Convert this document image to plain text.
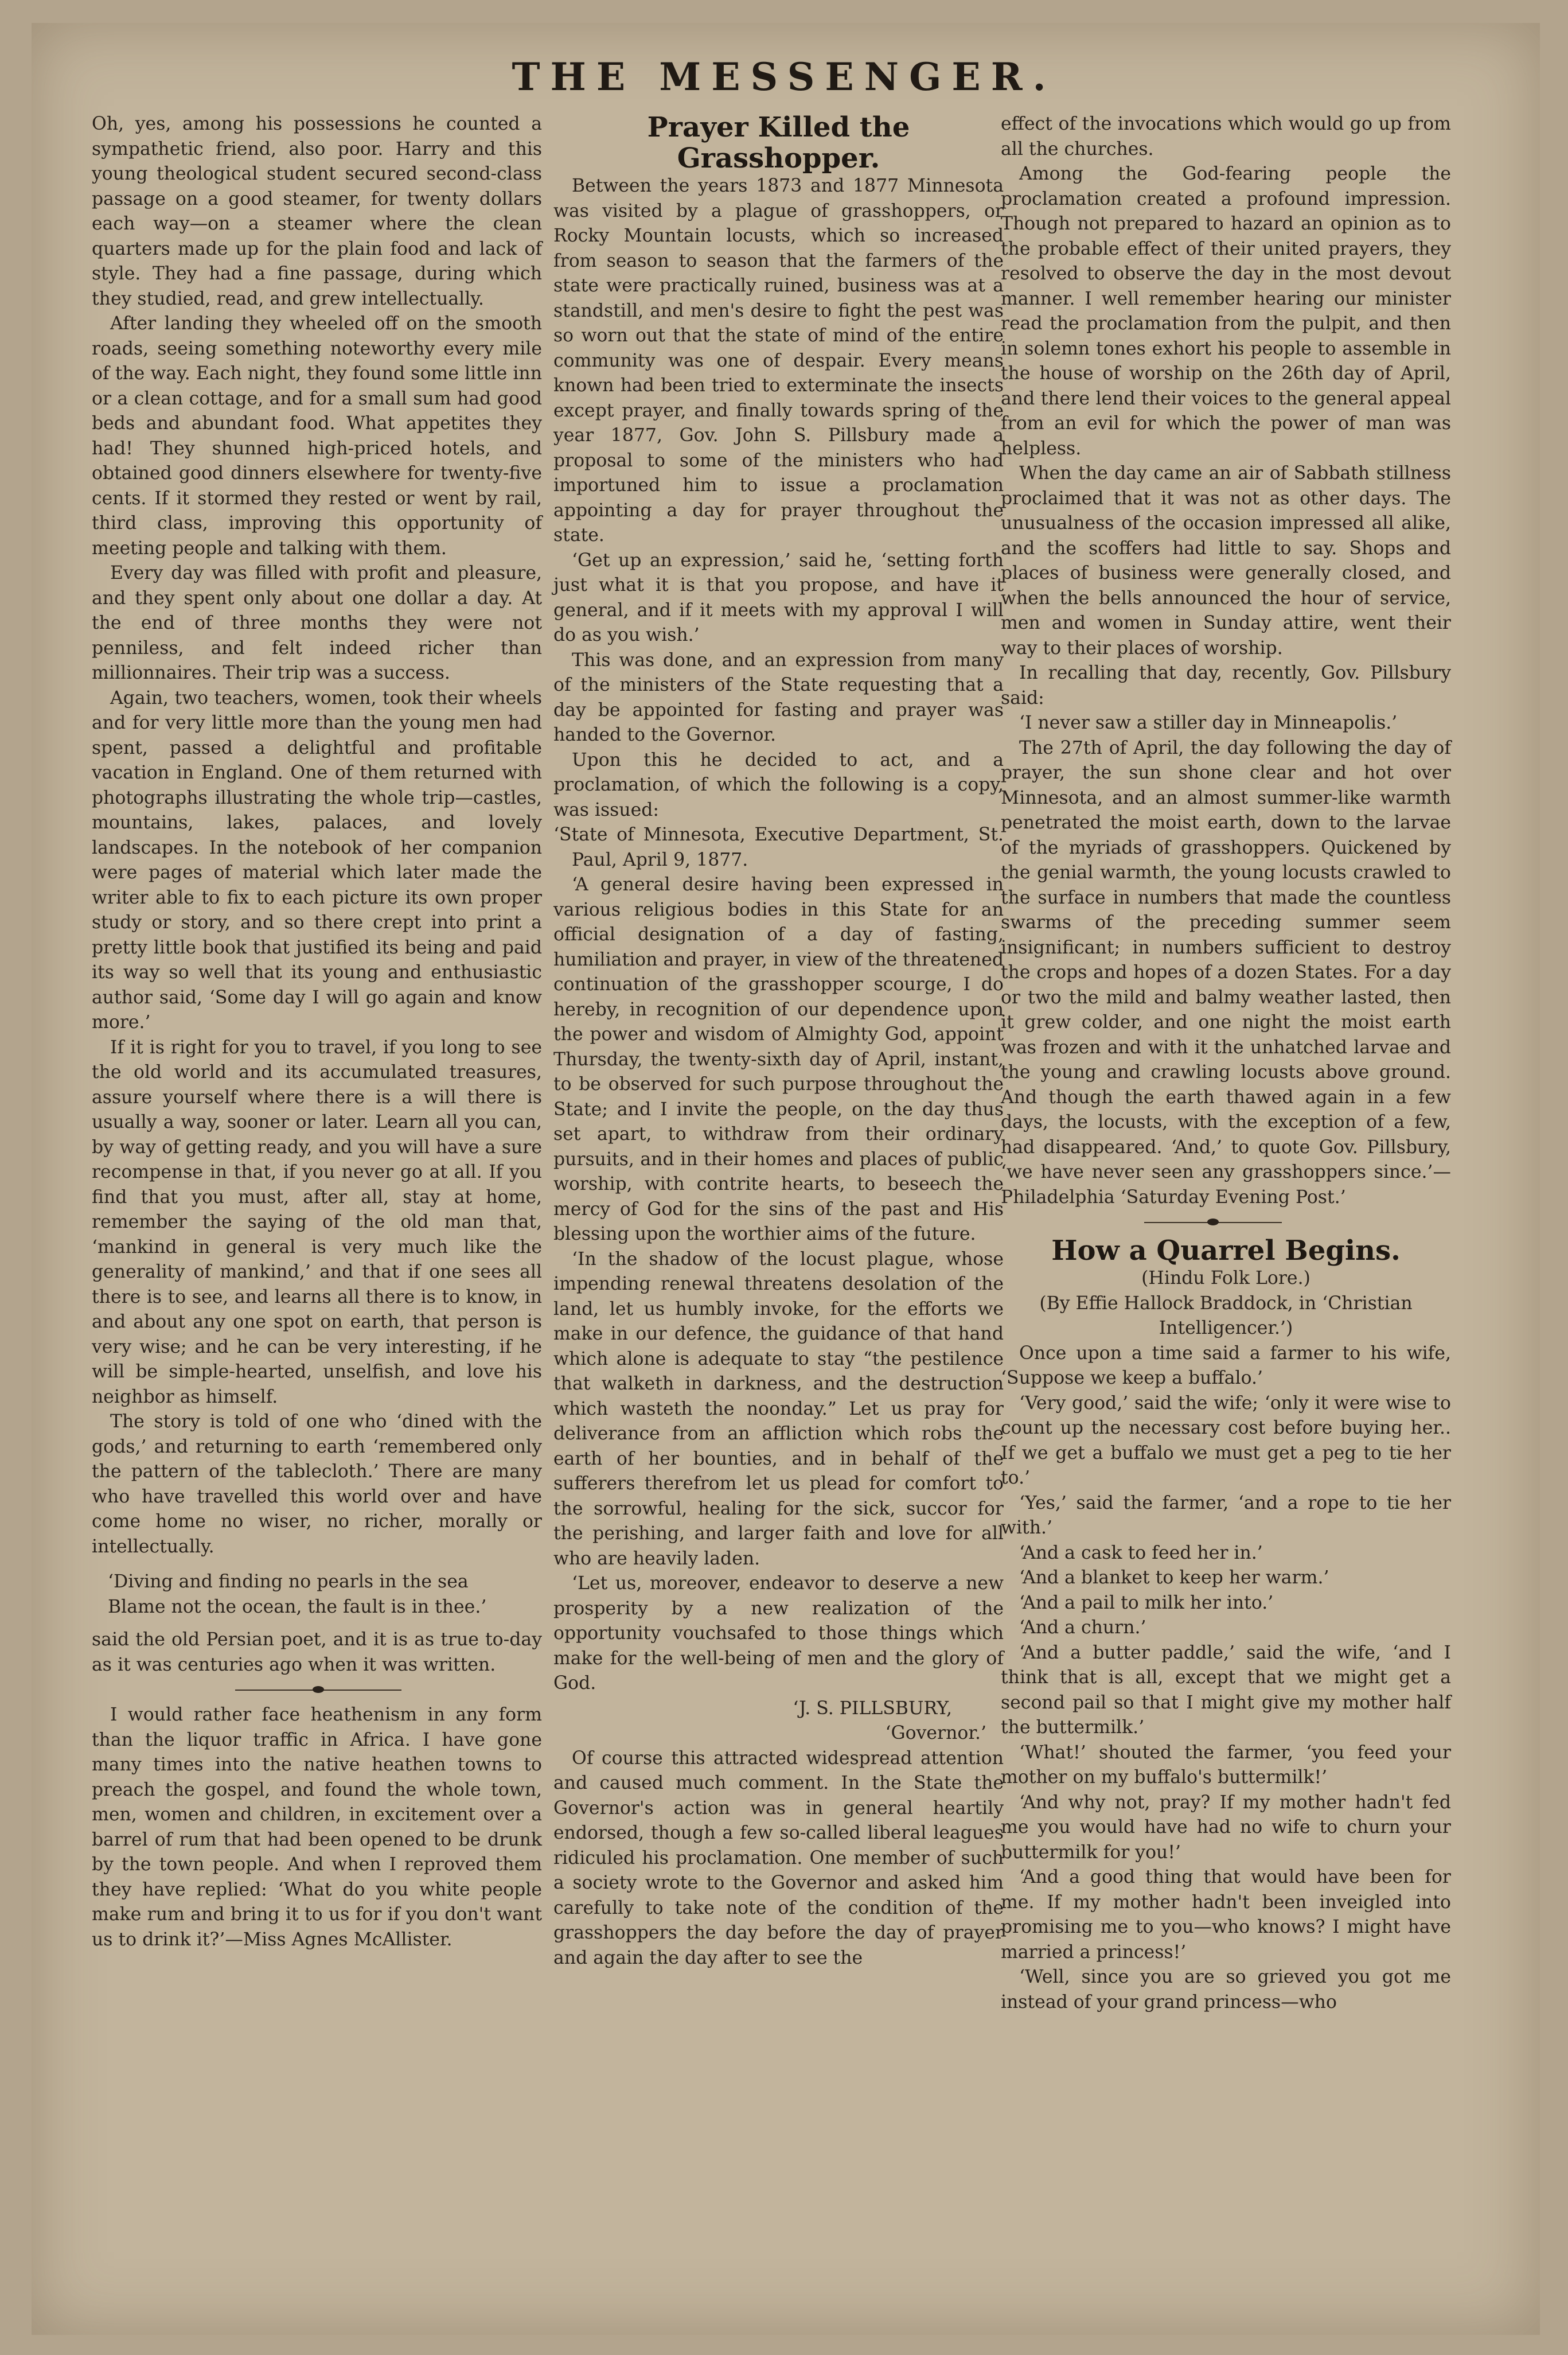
THE MESSENGER.

Oh, yes, among his possessions he counted a sympathetic friend, also poor. Harry and this young theological student secured second-class passage on a good steamer, for twenty dollars each way—on a steamer where the clean quarters made up for the plain food and lack of style. They had a fine passage, during which they studied, read, and grew intellectually.

After landing they wheeled off on the smooth roads, seeing something noteworthy every mile of the way. Each night, they found some little inn or a clean cottage, and for a small sum had good beds and abundant food. What appetites they had! They shunned high-priced hotels, and obtained good dinners elsewhere for twenty-five cents. If it stormed they rested or went by rail, third class, improving this opportunity of meeting people and talking with them.

Every day was filled with profit and pleasure, and they spent only about one dollar a day. At the end of three months they were not penniless, and felt indeed richer than millionnaires. Their trip was a success.

Again, two teachers, women, took their wheels and for very little more than the young men had spent, passed a delightful and profitable vacation in England. One of them returned with photographs illustrating the whole trip—castles, mountains, lakes, palaces, and lovely landscapes. In the notebook of her companion were pages of material which later made the writer able to fix to each picture its own proper study or story, and so there crept into print a pretty little book that justified its being and paid its way so well that its young and enthusiastic author said, ‘Some day I will go again and know more.’

If it is right for you to travel, if you long to see the old world and its accumulated treasures, assure yourself where there is a will there is usually a way, sooner or later. Learn all you can, by way of getting ready, and you will have a sure recompense in that, if you never go at all. If you find that you must, after all, stay at home, remember the saying of the old man that, ‘mankind in general is very much like the generality of mankind,’ and that if one sees all there is to see, and learns all there is to know, in and about any one spot on earth, that person is very wise; and he can be very interesting, if he will be simple-hearted, unselfish, and love his neighbor as himself.

The story is told of one who ‘dined with the gods,’ and returning to earth ‘remembered only the pattern of the tablecloth.’ There are many who have travelled this world over and have come home no wiser, no richer, morally or intellectually.

‘Diving and finding no pearls in the sea
Blame not the ocean, the fault is in thee.’

said the old Persian poet, and it is as true to-day as it was centuries ago when it was written.

I would rather face heathenism in any form than the liquor traffic in Africa. I have gone many times into the native heathen towns to preach the gospel, and found the whole town, men, women and children, in excitement over a barrel of rum that had been opened to be drunk by the town people. And when I reproved them they have replied: ‘What do you white people make rum and bring it to us for if you don't want us to drink it?’—Miss Agnes McAllister.

Prayer Killed the Grasshopper.

Between the years 1873 and 1877 Minnesota was visited by a plague of grasshoppers, or Rocky Mountain locusts, which so increased from season to season that the farmers of the state were practically ruined, business was at a standstill, and men's desire to fight the pest was so worn out that the state of mind of the entire community was one of despair. Every means known had been tried to exterminate the insects except prayer, and finally towards spring of the year 1877, Gov. John S. Pillsbury made a proposal to some of the ministers who had importuned him to issue a proclamation appointing a day for prayer throughout the state.

‘Get up an expression,’ said he, ‘setting forth just what it is that you propose, and have it general, and if it meets with my approval I will do as you wish.’

This was done, and an expression from many of the ministers of the State requesting that a day be appointed for fasting and prayer was handed to the Governor.

Upon this he decided to act, and a proclamation, of which the following is a copy, was issued:

‘State of Minnesota, Executive Department, St. Paul, April 9, 1877.

‘A general desire having been expressed in various religious bodies in this State for an official designation of a day of fasting, humiliation and prayer, in view of the threatened continuation of the grasshopper scourge, I do hereby, in recognition of our dependence upon the power and wisdom of Almighty God, appoint Thursday, the twenty-sixth day of April, instant, to be observed for such purpose throughout the State; and I invite the people, on the day thus set apart, to withdraw from their ordinary pursuits, and in their homes and places of public worship, with contrite hearts, to beseech the mercy of God for the sins of the past and His blessing upon the worthier aims of the future.

‘In the shadow of the locust plague, whose impending renewal threatens desolation of the land, let us humbly invoke, for the efforts we make in our defence, the guidance of that hand which alone is adequate to stay “the pestilence that walketh in darkness, and the destruction which wasteth the noonday.” Let us pray for deliverance from an affliction which robs the earth of her bounties, and in behalf of the sufferers therefrom let us plead for comfort to the sorrowful, healing for the sick, succor for the perishing, and larger faith and love for all who are heavily laden.

‘Let us, moreover, endeavor to deserve a new prosperity by a new realization of the opportunity vouchsafed to those things which make for the well-being of men and the glory of God.

‘J. S. PILLSBURY,

‘Governor.’

Of course this attracted widespread attention and caused much comment. In the State the Governor's action was in general heartily endorsed, though a few so-called liberal leagues ridiculed his proclamation. One member of such a society wrote to the Governor and asked him carefully to take note of the condition of the grasshoppers the day before the day of prayer and again the day after to see the

effect of the invocations which would go up from all the churches.

Among the God-fearing people the proclamation created a profound impression. Though not prepared to hazard an opinion as to the probable effect of their united prayers, they resolved to observe the day in the most devout manner. I well remember hearing our minister read the proclamation from the pulpit, and then in solemn tones exhort his people to assemble in the house of worship on the 26th day of April, and there lend their voices to the general appeal from an evil for which the power of man was helpless.

When the day came an air of Sabbath stillness proclaimed that it was not as other days. The unusualness of the occasion impressed all alike, and the scoffers had little to say. Shops and places of business were generally closed, and when the bells announced the hour of service, men and women in Sunday attire, went their way to their places of worship.

In recalling that day, recently, Gov. Pillsbury said:

‘I never saw a stiller day in Minneapolis.’

The 27th of April, the day following the day of prayer, the sun shone clear and hot over Minnesota, and an almost summer-like warmth penetrated the moist earth, down to the larvae of the myriads of grasshoppers. Quickened by the genial warmth, the young locusts crawled to the surface in numbers that made the countless swarms of the preceding summer seem insignificant; in numbers sufficient to destroy the crops and hopes of a dozen States. For a day or two the mild and balmy weather lasted, then it grew colder, and one night the moist earth was frozen and with it the unhatched larvae and the young and crawling locusts above ground. And though the earth thawed again in a few days, the locusts, with the exception of a few, had disappeared. ‘And,’ to quote Gov. Pillsbury, ‘we have never seen any grasshoppers since.’—Philadelphia ‘Saturday Evening Post.’

How a Quarrel Begins.

(Hindu Folk Lore.)

(By Effie Hallock Braddock, in ‘Christian Intelligencer.’)

Once upon a time said a farmer to his wife, ‘Suppose we keep a buffalo.’

‘Very good,’ said the wife; ‘only it were wise to count up the necessary cost before buying her.. If we get a buffalo we must get a peg to tie her to.’

‘Yes,’ said the farmer, ‘and a rope to tie her with.’

‘And a cask to feed her in.’

‘And a blanket to keep her warm.’

‘And a pail to milk her into.’

‘And a churn.’

‘And a butter paddle,’ said the wife, ‘and I think that is all, except that we might get a second pail so that I might give my mother half the buttermilk.’

‘What!’ shouted the farmer, ‘you feed your mother on my buffalo's buttermilk!’

‘And why not, pray? If my mother hadn't fed me you would have had no wife to churn your buttermilk for you!’

‘And a good thing that would have been for me. If my mother hadn't been inveigled into promising me to you—who knows? I might have married a princess!’

‘Well, since you are so grieved you got me instead of your grand princess—who
